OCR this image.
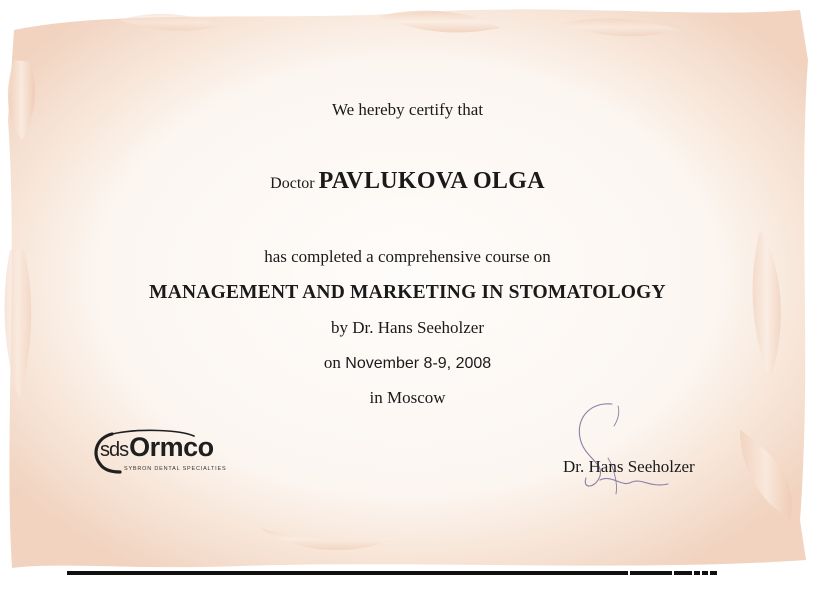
We hereby certify that
Doctor PAVLUKOVA OLGA
has completed a comprehensive course on
MANAGEMENT AND MARKETING IN STOMATOLOGY
by Dr. Hans Seeholzer
on November 8-9, 2008
in Moscow
sdsOrmco
SYBRON DENTAL SPECIALTIES	Dr. Hans Seeholzer
